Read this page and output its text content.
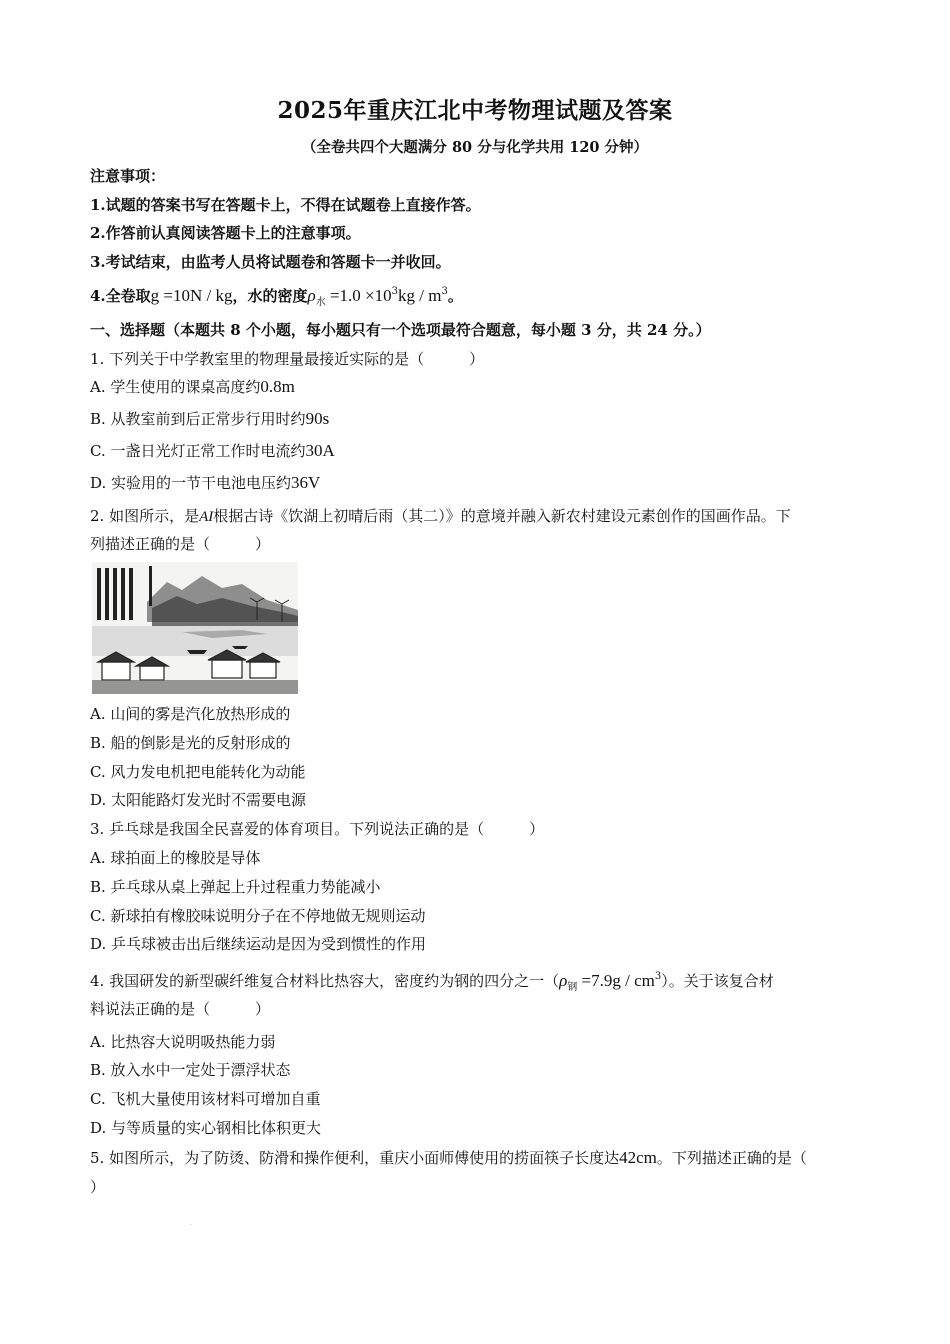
2025年重庆江北中考物理试题及答案
（全卷共四个大题满分 80 分与化学共用 120 分钟）
注意事项：
1.试题的答案书写在答题卡上，不得在试题卷上直接作答。
2.作答前认真阅读答题卡上的注意事项。
3.考试结束，由监考人员将试题卷和答题卡一并收回。
4.全卷取g =10N / kg，水的密度$\rho_水 =1.0 \times 10^3kg / m^3$。
一、选择题（本题共 8 个小题，每小题只有一个选项最符合题意，每小题 3 分，共 24 分。）
1. 下列关于中学教室里的物理量最接近实际的是（　　　）
A. 学生使用的课桌高度约0.8m
B. 从教室前到后正常步行用时约90s
C. 一盏日光灯正常工作时电流约30A
D. 实验用的一节干电池电压约36V
2. 如图所示，是AI根据古诗《饮湖上初晴后雨（其二）》的意境并融入新农村建设元素创作的国画作品。下
列描述正确的是（　　　）
A. 山间的雾是汽化放热形成的
B. 船的倒影是光的反射形成的
C. 风力发电机把电能转化为动能
D. 太阳能路灯发光时不需要电源
3. 乒乓球是我国全民喜爱的体育项目。下列说法正确的是（　　　）
A. 球拍面上的橡胶是导体
B. 乒乓球从桌上弹起上升过程重力势能减小
C. 新球拍有橡胶味说明分子在不停地做无规则运动
D. 乒乓球被击出后继续运动是因为受到惯性的作用
4. 我国研发的新型碳纤维复合材料比热容大，密度约为钢的四分之一$(\rho_钢 =7.9g / cm^3)$。关于该复合材
料说法正确的是（　　　）
A. 比热容大说明吸热能力弱
B. 放入水中一定处于漂浮状态
C. 飞机大量使用该材料可增加自重
D. 与等质量的实心钢相比体积更大
5. 如图所示，为了防烫、防滑和操作便利，重庆小面师傅使用的捞面筷子长度达42cm。下列描述正确的是（
）
·
